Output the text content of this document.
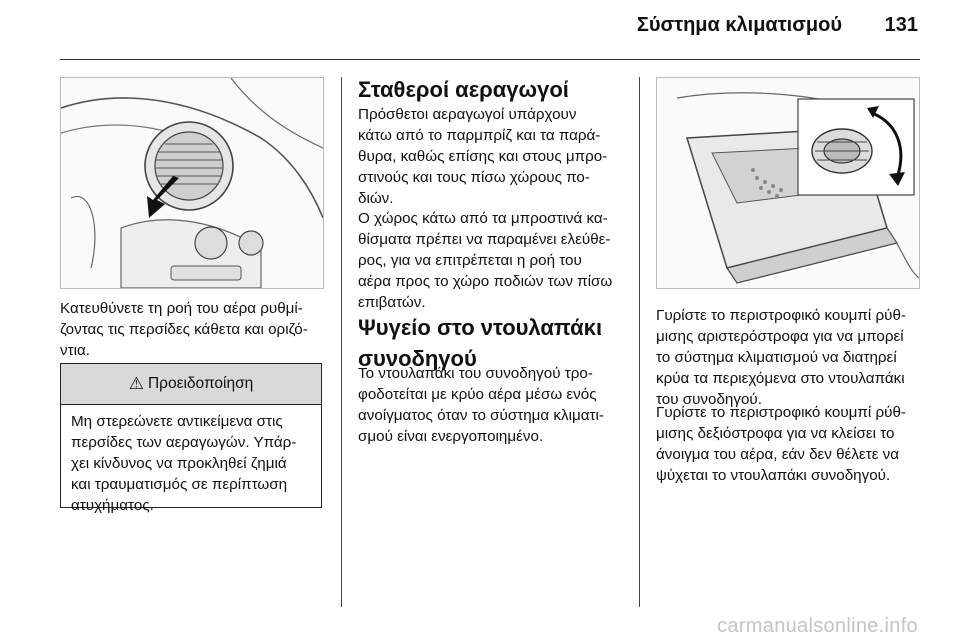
Σύστημα κλιματισμού 131

Κατευθύνετε τη ροή του αέρα ρυθμί-
ζοντας τις περσίδες κάθετα και οριζό-
ντια.

⚠ Προειδοποίηση
Μη στερεώνετε αντικείμενα στις
περσίδες των αεραγωγών. Υπάρ-
χει κίνδυνος να προκληθεί ζημιά
και τραυματισμός σε περίπτωση
ατυχήματος.
Σταθεροί αεραγωγοί

Πρόσθετοι αεραγωγοί υπάρχουν
κάτω από το παρμπρίζ και τα παρά-
θυρα, καθώς επίσης και στους μπρο-
στινούς και τους πίσω χώρους πο-
διών.

Ο χώρος κάτω από τα μπροστινά κα-
θίσματα πρέπει να παραμένει ελεύθε-
ρος, για να επιτρέπεται η ροή του
αέρα προς το χώρο ποδιών των πίσω
επιβατών.

Ψυγείο στο ντουλαπάκι
συνοδηγού

Το ντουλαπάκι του συνοδηγού τρο-
φοδοτείται με κρύο αέρα μέσω ενός
ανοίγματος όταν το σύστημα κλιματι-
σμού είναι ενεργοποιημένο.

Γυρίστε το περιστροφικό κουμπί ρύθ-
μισης αριστερόστροφα για να μπορεί
το σύστημα κλιματισμού να διατηρεί
κρύα τα περιεχόμενα στο ντουλαπάκι
του συνοδηγού.

Γυρίστε το περιστροφικό κουμπί ρύθ-
μισης δεξιόστροφα για να κλείσει το
άνοιγμα του αέρα, εάν δεν θέλετε να
ψύχεται το ντουλαπάκι συνοδηγού.

carmanualsonline.info
